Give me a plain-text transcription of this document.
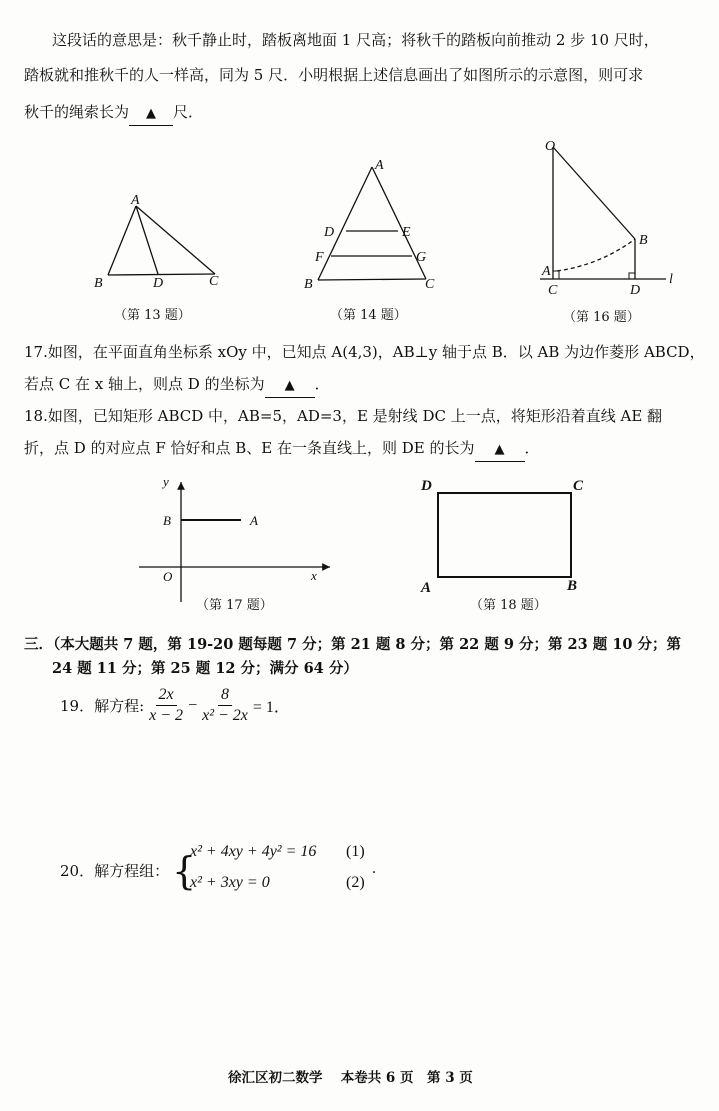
这段话的意思是：秋千静止时，踏板离地面 1 尺高；将秋千的踏板向前推动 2 步 10 尺时，
踏板就和推秋千的人一样高，同为 5 尺．小明根据上述信息画出了如图所示的示意图，则可求
秋千的绳索长为 ▲ 尺．
A
B	D	C
（第 13 题）
A
D	E
F	G
B	C
（第 14 题）
O
B
A
C	D
l
（第 16 题）
17.如图，在平面直角坐标系 xOy 中，已知点 A(4,3)，AB⊥y 轴于点 B．以 AB 为边作菱形 ABCD，
若点 C 在 x 轴上，则点 D 的坐标为 ▲ ．
18.如图，已知矩形 ABCD 中，AB=5，AD=3，E 是射线 DC 上一点，将矩形沿着直线 AE 翻
折，点 D 的对应点 F 恰好和点 B、E 在一条直线上，则 DE 的长为 ▲ ．
y
B	A
O	x
（第 17 题）
D	C
A	B
（第 18 题）
三．（本大题共 7 题，第 19-20 题每题 7 分；第 21 题 8 分；第 22 题 9 分；第 23 题 10 分；第
24 题 11 分；第 25 题 12 分；满分 64 分）
19．解方程: $\frac{2x}{x - 2} - \frac{8}{\text{x² − 2x}} = 1$．
20．解方程组： {
x² + 4xy + 4y² = 16 (1)
x² + 3xy = 0	(2)
.
徐汇区初二数学　 本卷共 6 页　第 3 页
